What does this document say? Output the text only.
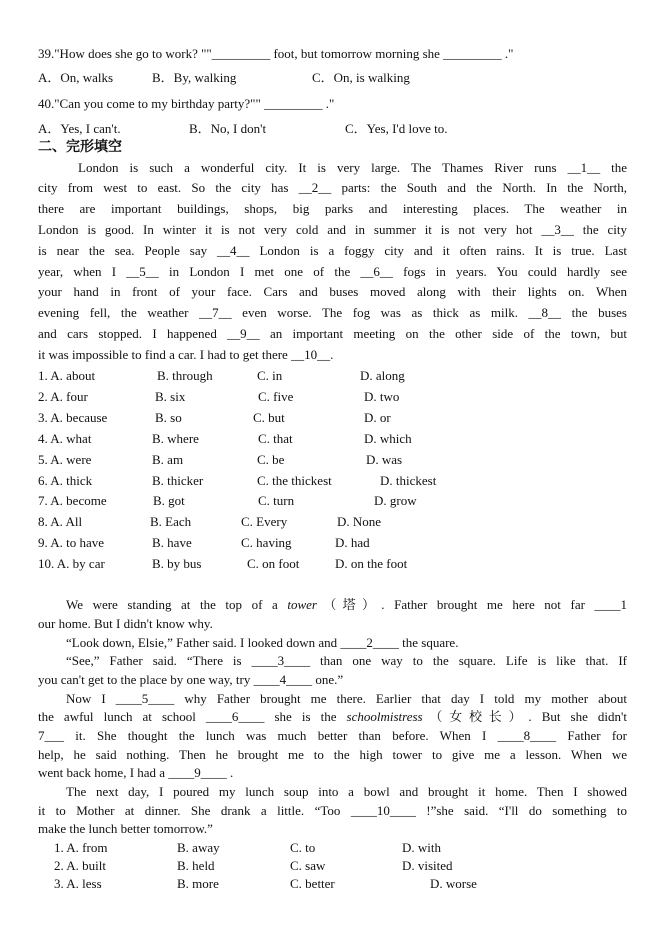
39."How does she go to work? ""_________ foot, but tomorrow morning she _________ ."
A．On, walks	B．By, walking	C．On, is walking
40."Can you come to my birthday party?"" _________ ."
A．Yes, I can't.	B．No, I don't	C．Yes, I'd love to.
二、完形填空
London is such a wonderful city. It is very large. The Thames River runs __1__ the
city from west to east. So the city has __2__ parts: the South and the North. In the North,
there are important buildings, shops, big parks and interesting places. The weather in
London is good. In winter it is not very cold and in summer it is not very hot __3__ the city
is near the sea. People say __4__ London is a foggy city and it often rains. It is true. Last
year, when I __5__ in London I met one of the __6__ fogs in years. You could hardly see
your hand in front of your face. Cars and buses moved along with their lights on. When
evening fell, the weather __7__ even worse. The fog was as thick as milk. __8__ the buses
and cars stopped. I happened __9__ an important meeting on the other side of the town, but
it was impossible to find a car. I had to get there __10__.
1. A. about	B. through	C. in	D. along
2. A. four	B. six	C. five	D. two
3. A. because	B. so	C. but	D. or
4. A. what	B. where	C. that	D. which
5. A. were	B. am	C. be	D. was
6. A. thick	B. thicker	C. the thickest	D. thickest
7. A. become	B. got	C. turn	D. grow
8. A. All	B. Each	C. Every	D. None
9. A. to have	B. have	C. having	D. had
10. A. by car	B. by bus	C. on foot	D. on the foot
We were standing at the top of a tower（塔）. Father brought me here not far ____1
our home. But I didn't know why.
“Look down, Elsie,” Father said. I looked down and ____2____ the square.
“See,” Father said. “There is ____3____ than one way to the square. Life is like that. If
you can't get to the place by one way, try ____4____ one.”
Now I ____5____ why Father brought me there. Earlier that day I told my mother about
the awful lunch at school ____6____ she is the schoolmistress（女校长）. But she didn't
7___ it. She thought the lunch was much better than before. When I ____8____ Father for
help, he said nothing. Then he brought me to the high tower to give me a lesson. When we
went back home, I had a ____9____ .
The next day, I poured my lunch soup into a bowl and brought it home. Then I showed
it to Mother at dinner. She drank a little. “Too ____10____ !”she said. “I'll do something to
make the lunch better tomorrow.”
1. A. from	B. away	C. to	D. with
2. A. built	B. held	C. saw	D. visited
3. A. less	B. more	C. better	D. worse
